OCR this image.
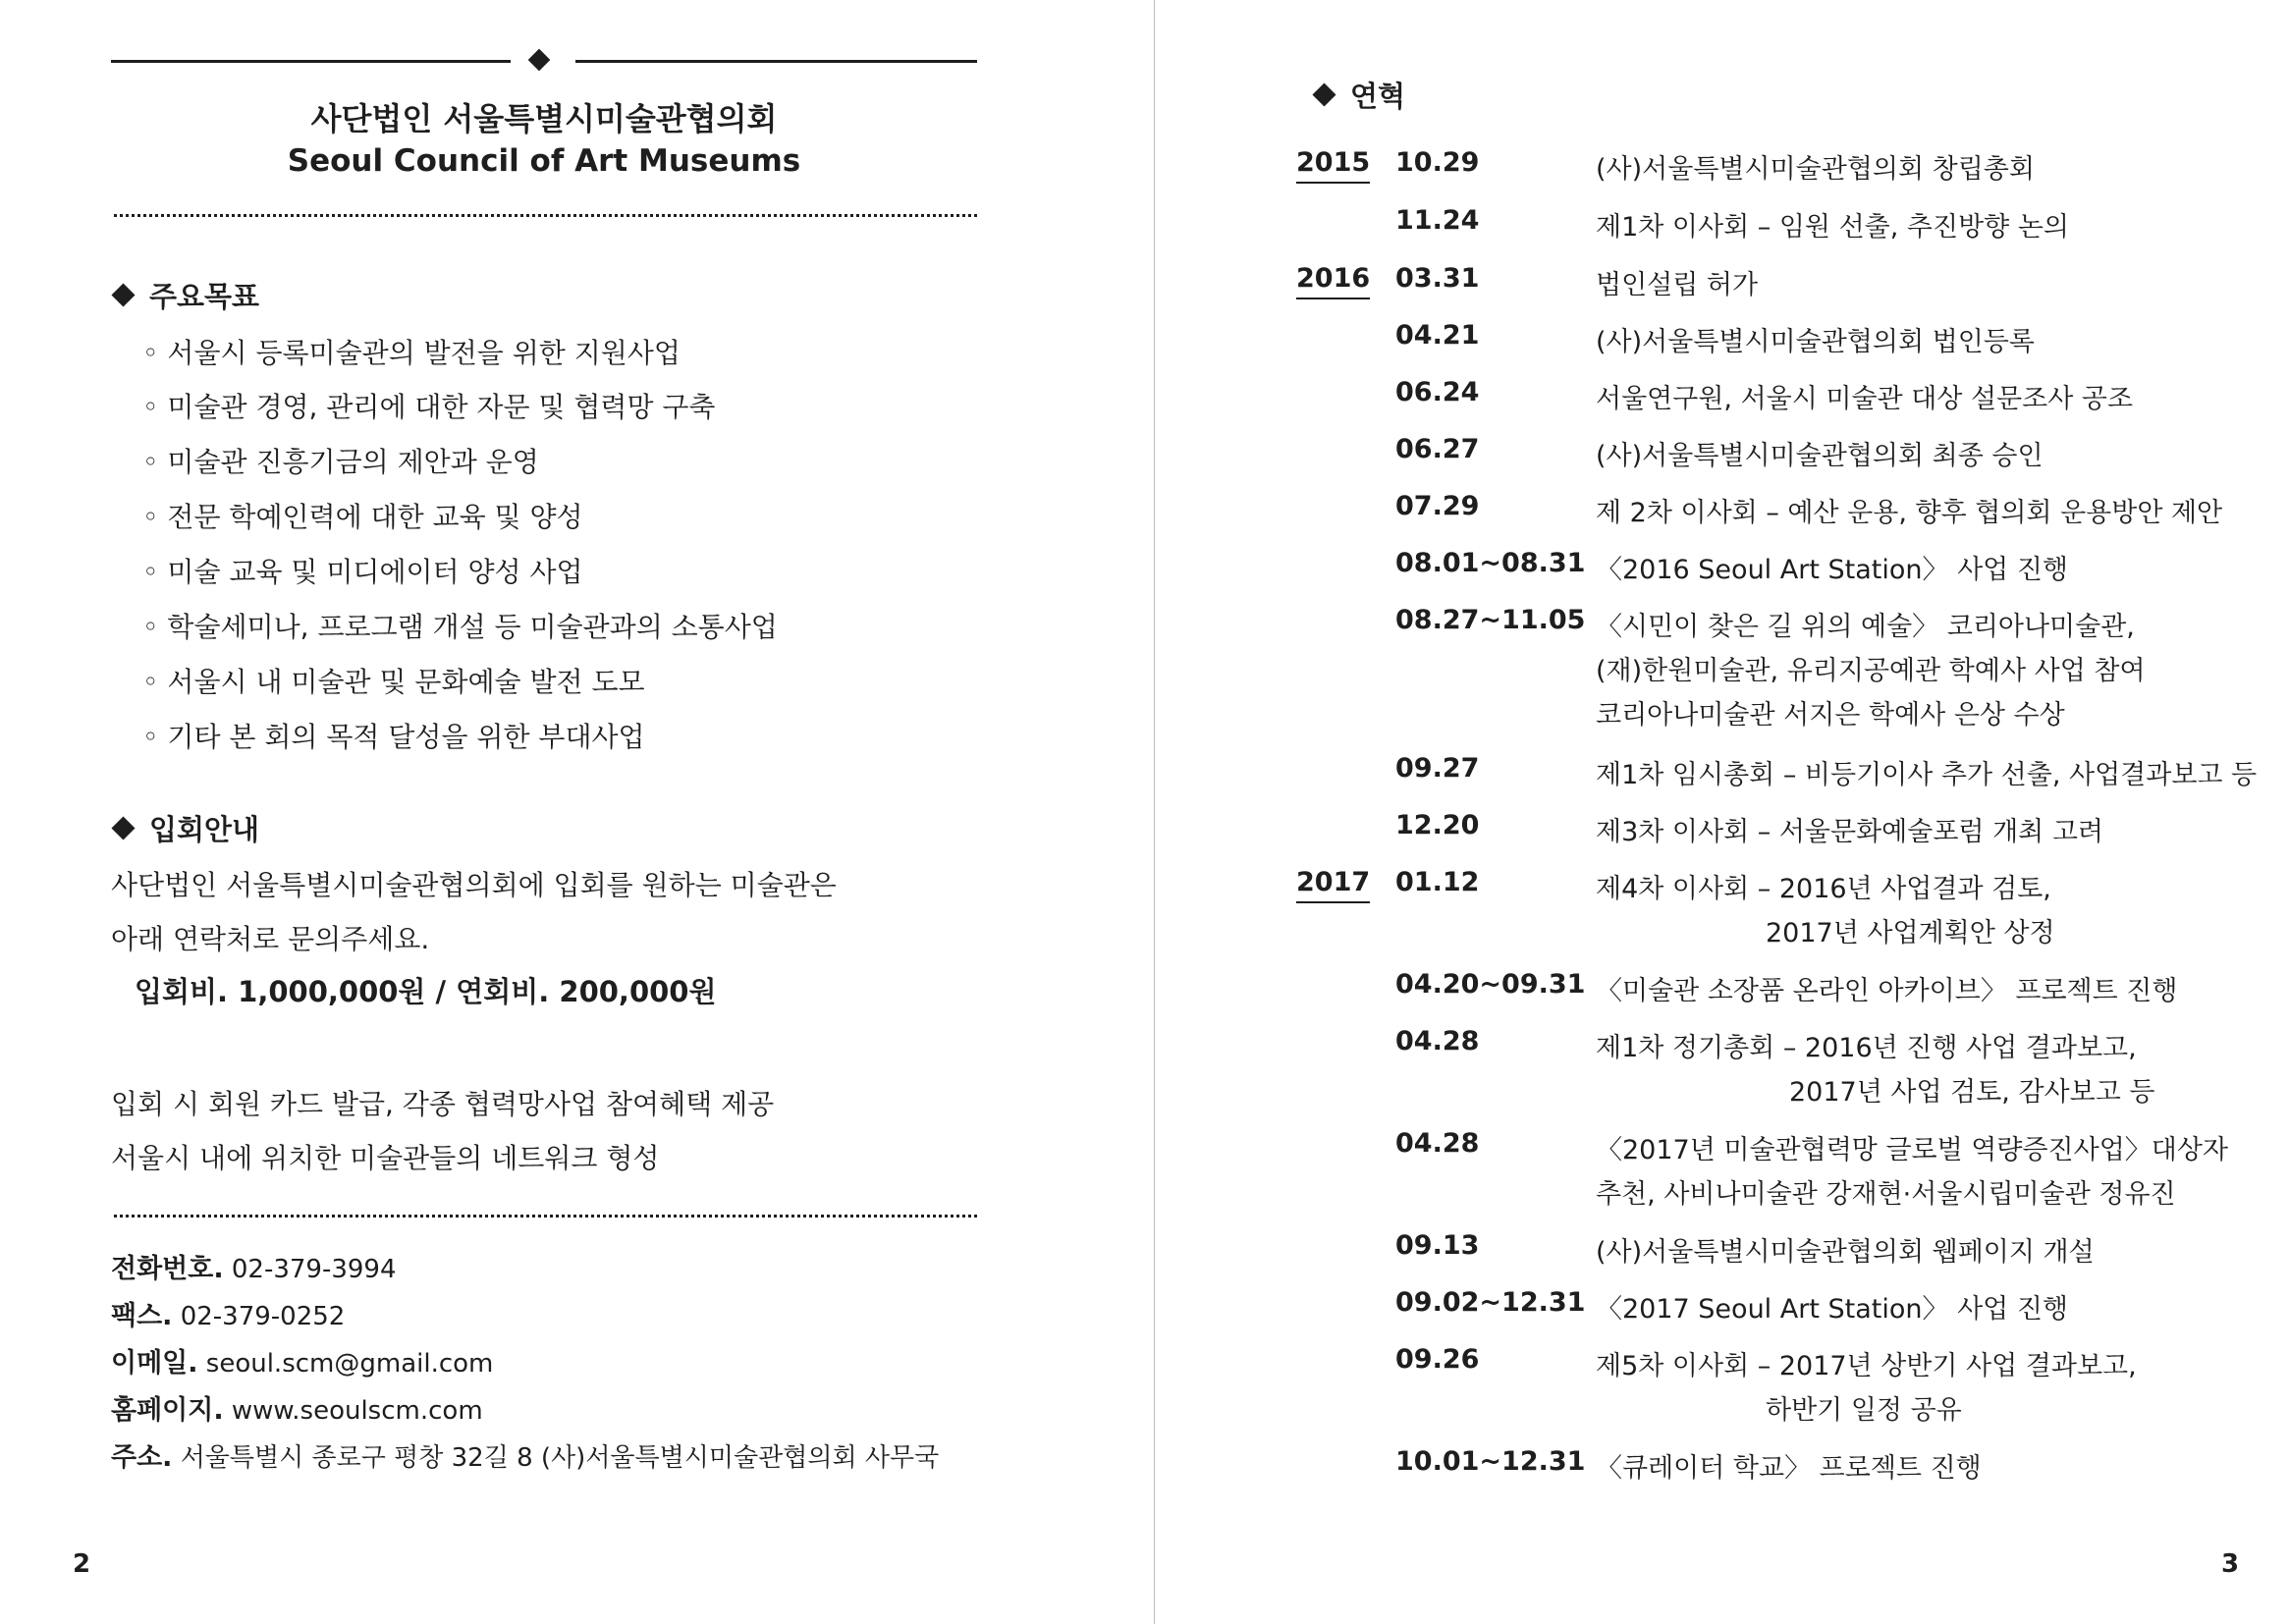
사단법인 서울특별시미술관협의회
Seoul Council of Art Museums
주요목표
◦ 서울시 등록미술관의 발전을 위한 지원사업
◦ 미술관 경영, 관리에 대한 자문 및 협력망 구축
◦ 미술관 진흥기금의 제안과 운영
◦ 전문 학예인력에 대한 교육 및 양성
◦ 미술 교육 및 미디에이터 양성 사업
◦ 학술세미나, 프로그램 개설 등 미술관과의 소통사업
◦ 서울시 내 미술관 및 문화예술 발전 도모
◦ 기타 본 회의 목적 달성을 위한 부대사업
입회안내
사단법인 서울특별시미술관협의회에 입회를 원하는 미술관은
아래 연락처로 문의주세요.
입회비. 1,000,000원 / 연회비. 200,000원
입회 시 회원 카드 발급, 각종 협력망사업 참여혜택 제공
서울시 내에 위치한 미술관들의 네트워크 형성
전화번호. 02-379-3994
팩스. 02-379-0252
이메일. seoul.scm@gmail.com
홈페이지. www.seoulscm.com
주소. 서울특별시 종로구 평창 32길 8 (사)서울특별시미술관협의회 사무국
2
연혁
2015
2016
2017
10.29
11.24
03.31
04.21
06.24
06.27
07.29
08.01~08.31
08.27~11.05
09.27
12.20
01.12
04.20~09.31
04.28
04.28
09.13
09.02~12.31
09.26
10.01~12.31
(사)서울특별시미술관협의회 창립총회
제1차 이사회 – 임원 선출, 추진방향 논의
법인설립 허가
(사)서울특별시미술관협의회 법인등록
서울연구원, 서울시 미술관 대상 설문조사 공조
(사)서울특별시미술관협의회 최종 승인
제 2차 이사회 – 예산 운용, 향후 협의회 운용방안 제안
〈2016 Seoul Art Station〉 사업 진행
〈시민이 찾은 길 위의 예술〉 코리아나미술관,
(재)한원미술관, 유리지공예관 학예사 사업 참여
코리아나미술관 서지은 학예사 은상 수상
제1차 임시총회 – 비등기이사 추가 선출, 사업결과보고 등
제3차 이사회 – 서울문화예술포럼 개최 고려
제4차 이사회 – 2016년 사업결과 검토,
2017년 사업계획안 상정
〈미술관 소장품 온라인 아카이브〉 프로젝트 진행
제1차 정기총회 – 2016년 진행 사업 결과보고,
2017년 사업 검토, 감사보고 등
〈2017년 미술관협력망 글로벌 역량증진사업〉대상자
추천, 사비나미술관 강재현·서울시립미술관 정유진
(사)서울특별시미술관협의회 웹페이지 개설
〈2017 Seoul Art Station〉 사업 진행
제5차 이사회 – 2017년 상반기 사업 결과보고,
하반기 일정 공유
〈큐레이터 학교〉 프로젝트 진행
3
